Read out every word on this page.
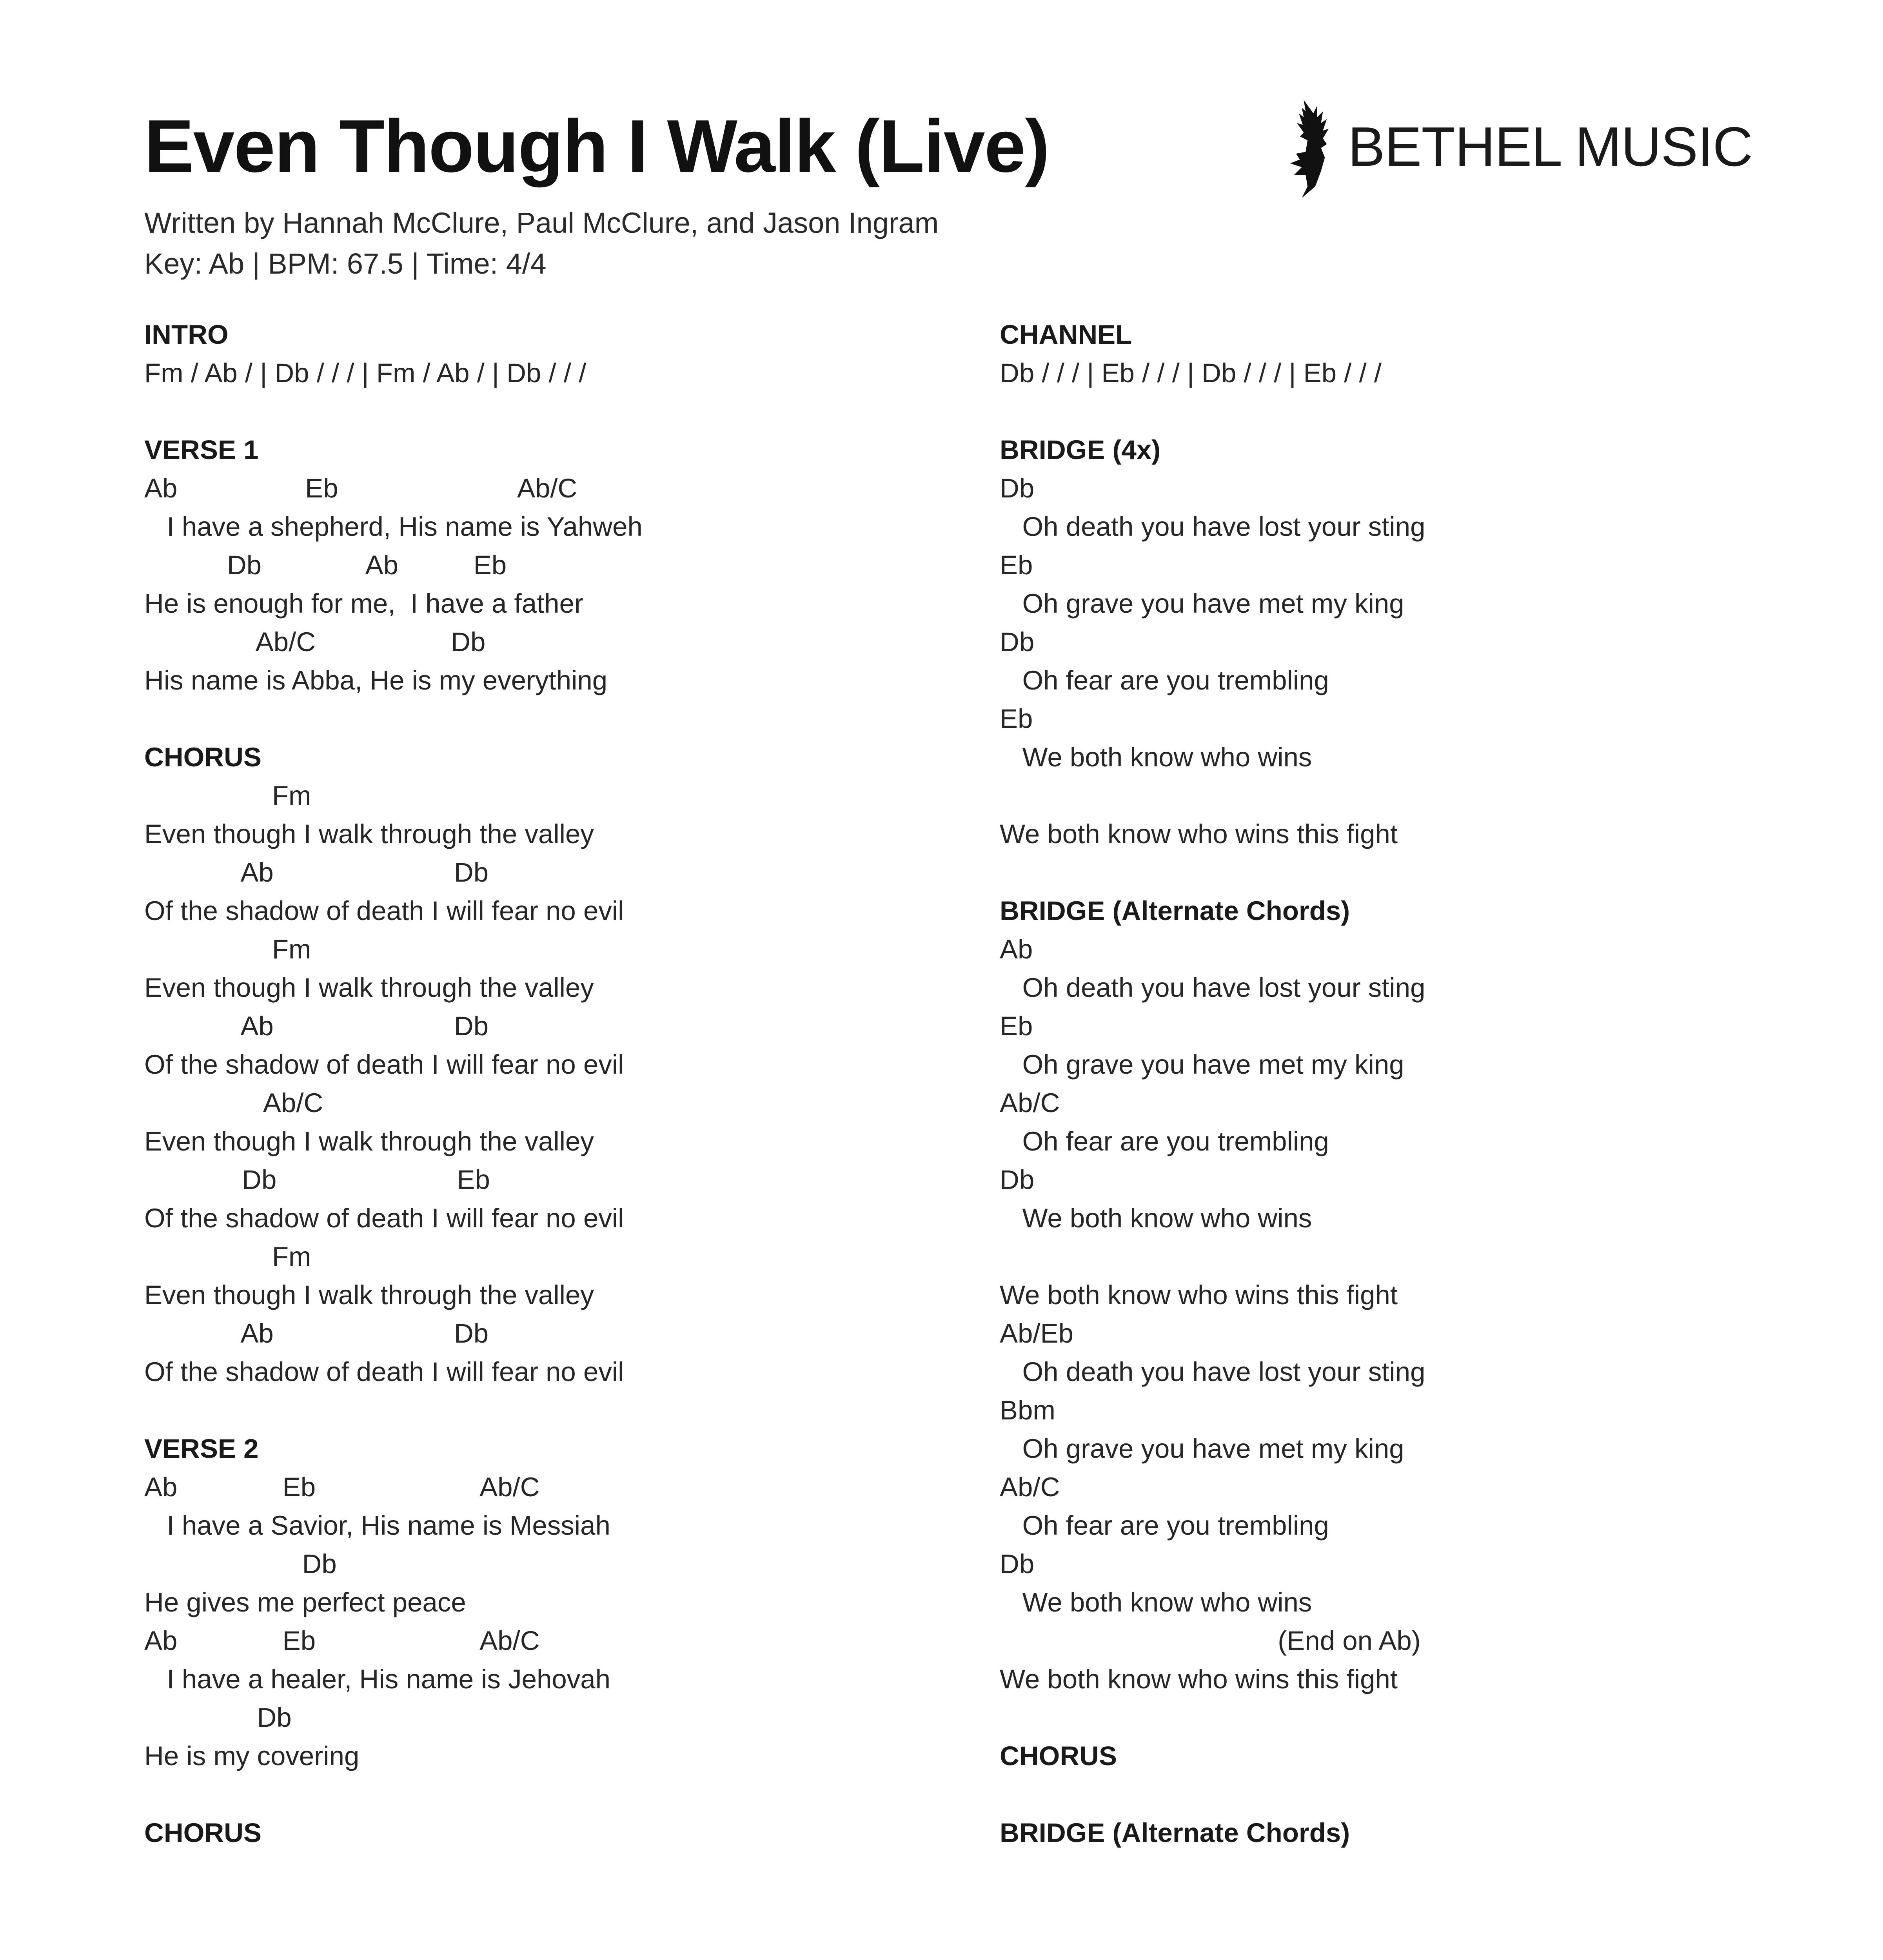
Even Though I Walk (Live)
Written by Hannah McClure, Paul McClure, and Jason Ingram
Key: Ab | BPM: 67.5 | Time: 4/4
BETHEL MUSIC
INTRO
Fm / Ab / | Db / / / | Fm / Ab / | Db / / /
VERSE 1
Ab                 Eb                        Ab/C
I have a shepherd, His name is Yahweh
Db              Ab          Eb
He is enough for me,  I have a father
Ab/C                  Db
His name is Abba, He is my everything
CHORUS
Fm
Even though I walk through the valley
Ab                        Db
Of the shadow of death I will fear no evil
Fm
Even though I walk through the valley
Ab                        Db
Of the shadow of death I will fear no evil
Ab/C
Even though I walk through the valley
Db                        Eb
Of the shadow of death I will fear no evil
Fm
Even though I walk through the valley
Ab                        Db
Of the shadow of death I will fear no evil
VERSE 2
Ab              Eb                      Ab/C
I have a Savior, His name is Messiah
Db
He gives me perfect peace
Ab              Eb                      Ab/C
I have a healer, His name is Jehovah
Db
He is my covering
CHORUS
CHANNEL
Db / / / | Eb / / / | Db / / / | Eb / / /
BRIDGE (4x)
Db
Oh death you have lost your sting
Eb
Oh grave you have met my king
Db
Oh fear are you trembling
Eb
We both know who wins
We both know who wins this fight
BRIDGE (Alternate Chords)
Ab
Oh death you have lost your sting
Eb
Oh grave you have met my king
Ab/C
Oh fear are you trembling
Db
We both know who wins
We both know who wins this fight
Ab/Eb
Oh death you have lost your sting
Bbm
Oh grave you have met my king
Ab/C
Oh fear are you trembling
Db
We both know who wins
(End on Ab)
We both know who wins this fight
CHORUS
BRIDGE (Alternate Chords)
